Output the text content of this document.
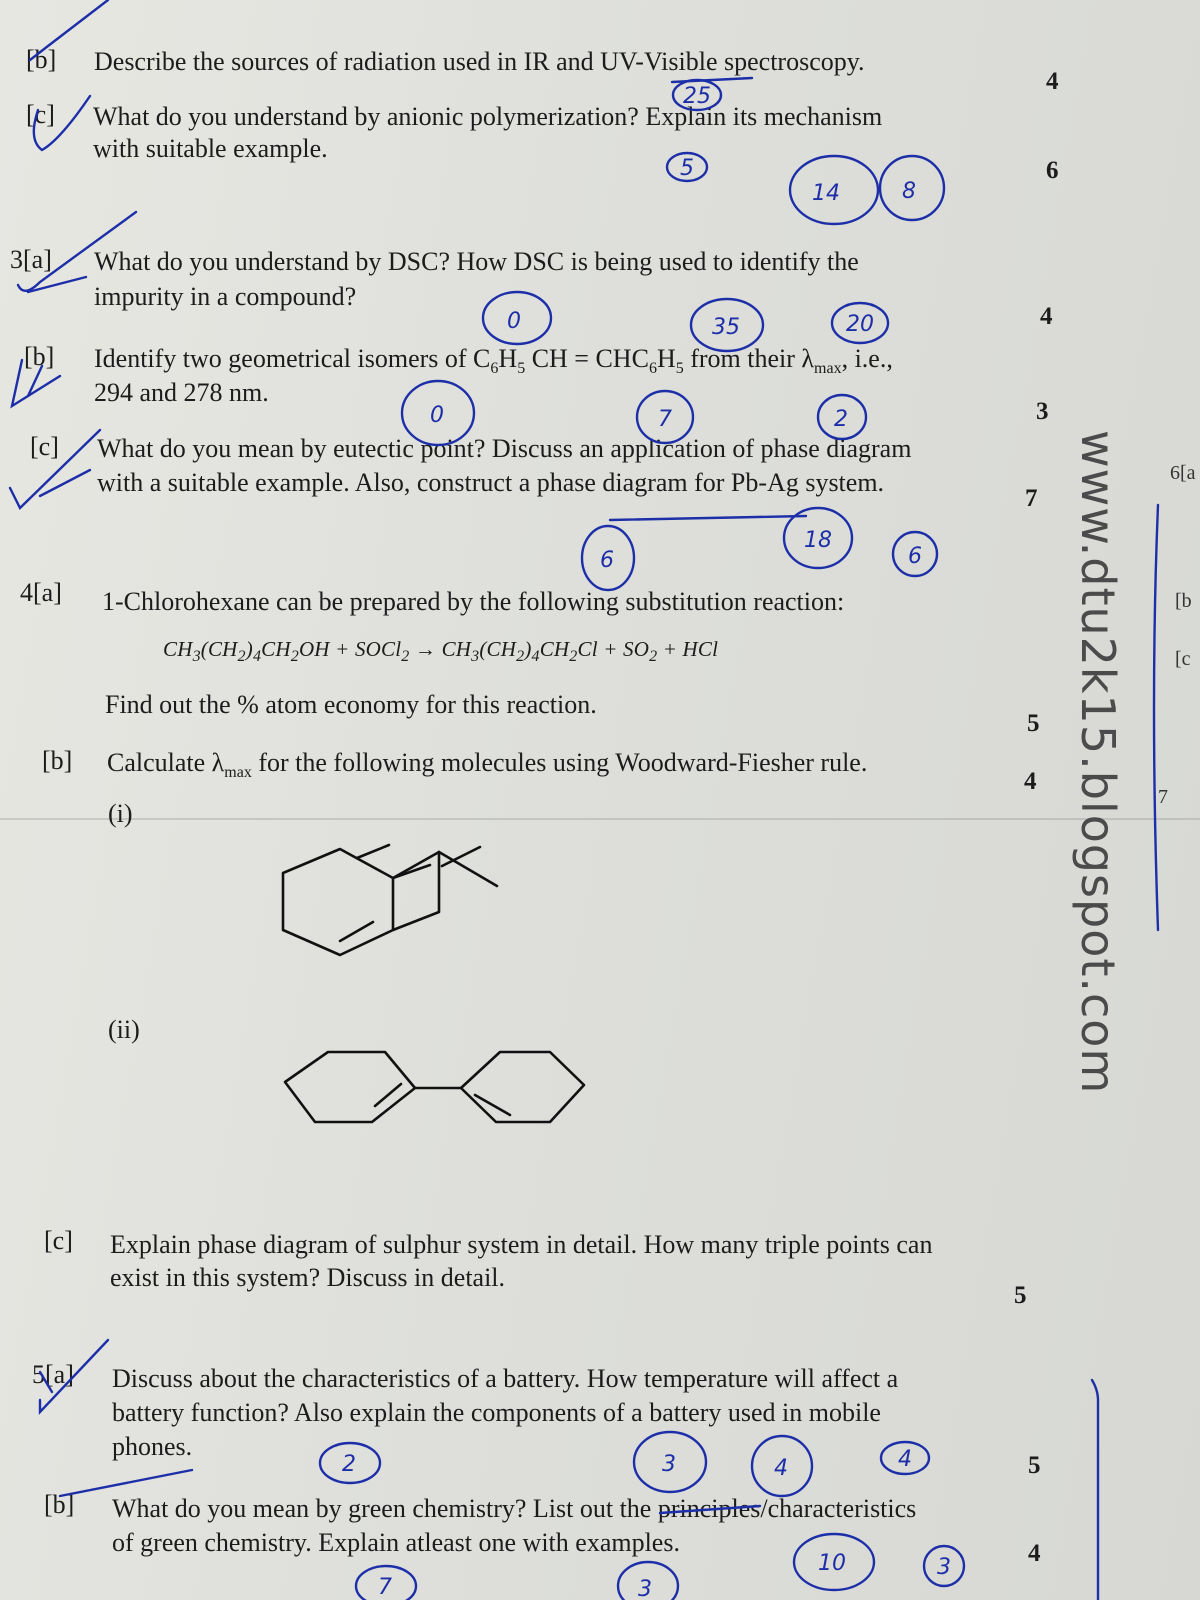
[b] Describe the sources of radiation used in IR and UV-Visible spectroscopy.
4
[c] What do you understand by anionic polymerization? Explain its mechanism
with suitable example.
6
3[a] What do you understand by DSC? How DSC is being used to identify the
impurity in a compound?
4
[b] Identify two geometrical isomers of $C_6H_5$ CH = $CHC_6H_5$ from their $\lambda_{max}$, i.e.,
294 and 278 nm.
3
[c] What do you mean by eutectic point? Discuss an application of phase diagram
with a suitable example. Also, construct a phase diagram for Pb-Ag system.
7
4[a] 1-Chlorohexane can be prepared by the following substitution reaction:
$CH_3(CH_2)_4CH_2OH$ + SOCl$_2$ → $CH_3(CH_2)_4CH_2Cl + SO_2$ + HCl
Find out the % atom economy for this reaction.
5
[b] Calculate $\lambda_{max}$ for the following molecules using Woodward-Fiesher rule.
4
(i)
(ii)
[c] Explain phase diagram of sulphur system in detail. How many triple points can
exist in this system? Discuss in detail.
5
5[a] Discuss about the characteristics of a battery. How temperature will affect a
battery function? Also explain the components of a battery used in mobile
phones.
5
[b] What do you mean by green chemistry? List out the principles/characteristics
of green chemistry. Explain atleast one with examples.	4
6[a
[b
[c
7
www.dtu2k15.blogspot.com
25
5
14	8
0	35	20
0	7	2
6
18
6
2	3	4	4
10	3
7	3
